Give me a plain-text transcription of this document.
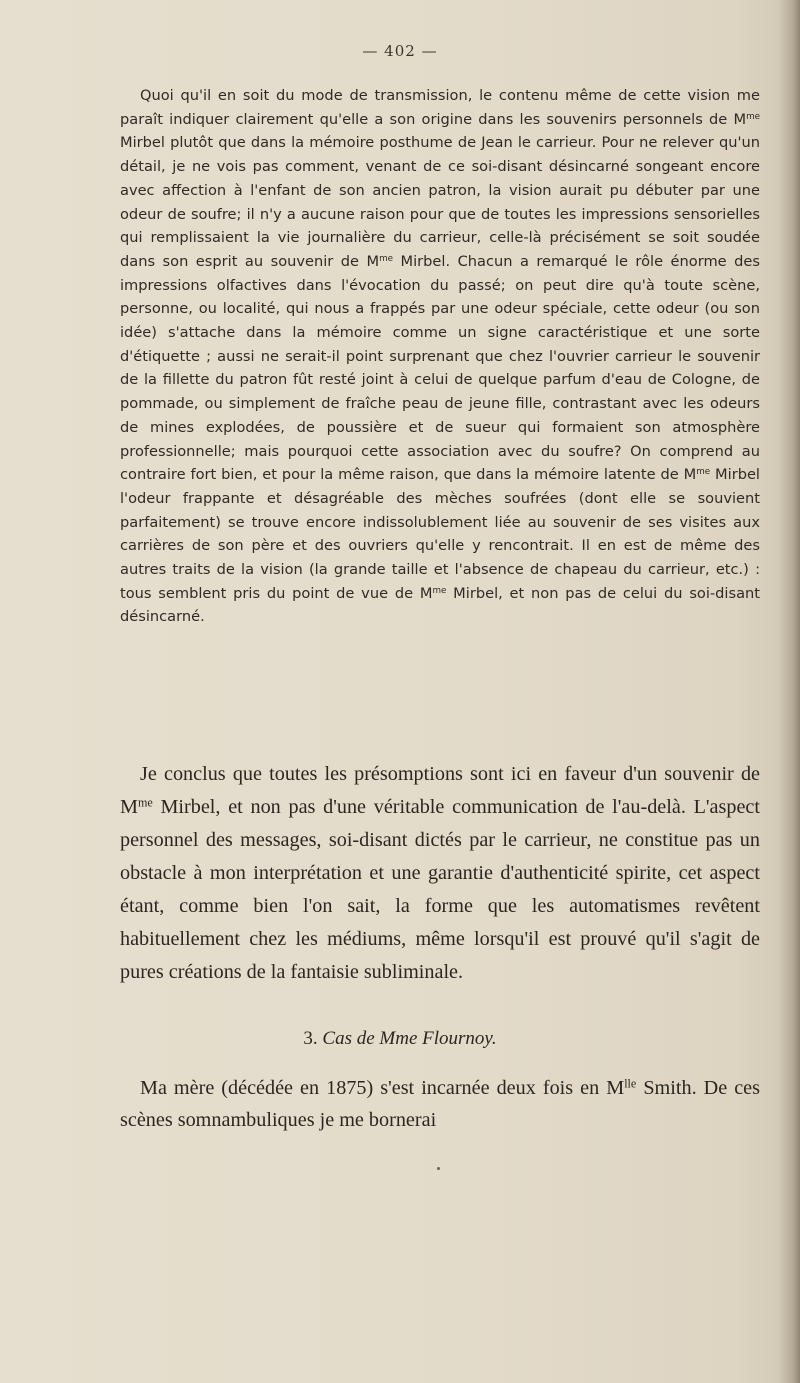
— 402 —

Quoi qu'il en soit du mode de transmission, le contenu même de cette vision me paraît indiquer clairement qu'elle a son origine dans les souvenirs personnels de $M^{me}$ Mirbel plutôt que dans la mémoire posthume de Jean le carrieur. Pour ne relever qu'un détail, je ne vois pas comment, venant de ce soi-disant désincarné songeant encore avec affection à l'enfant de son ancien patron, la vision aurait pu débuter par une odeur de soufre; il n'y a aucune raison pour que de toutes les impressions sensorielles qui remplissaient la vie journalière du carrieur, celle-là précisément se soit soudée dans son esprit au souvenir de $M^{me}$ Mirbel. Chacun a remarqué le rôle énorme des impressions olfactives dans l'évocation du passé; on peut dire qu'à toute scène, personne, ou localité, qui nous a frappés par une odeur spéciale, cette odeur (ou son idée) s'attache dans la mémoire comme un signe caractéristique et une sorte d'étiquette ; aussi ne serait-il point surprenant que chez l'ouvrier carrieur le souvenir de la fillette du patron fût resté joint à celui de quelque parfum d'eau de Cologne, de pommade, ou simplement de fraîche peau de jeune fille, contrastant avec les odeurs de mines explodées, de poussière et de sueur qui formaient son atmosphère professionnelle; mais pourquoi cette association avec du soufre? On comprend au contraire fort bien, et pour la même raison, que dans la mémoire latente de $M^{me}$ Mirbel l'odeur frappante et désagréable des mèches soufrées (dont elle se souvient parfaitement) se trouve encore indissolublement liée au souvenir de ses visites aux carrières de son père et des ouvriers qu'elle y rencontrait. Il en est de même des autres traits de la vision (la grande taille et l'absence de chapeau du carrieur, etc.) : tous semblent pris du point de vue de $M^{me}$ Mirbel, et non pas de celui du soi-disant désincarné.

Je conclus que toutes les présomptions sont ici en faveur d'un souvenir de $M^{me}$ Mirbel, et non pas d'une véritable communication de l'au-delà. L'aspect personnel des messages, soi-disant dictés par le carrieur, ne constitue pas un obstacle à mon interprétation et une garantie d'authenticité spirite, cet aspect étant, comme bien l'on sait, la forme que les automatismes revêtent habituellement chez les médiums, même lorsqu'il est prouvé qu'il s'agit de pures créations de la fantaisie subliminale.

3. Cas de Mme Flournoy.

Ma mère (décédée en 1875) s'est incarnée deux fois en $M^{lle}$ Smith. De ces scènes somnambuliques je me bornerai
